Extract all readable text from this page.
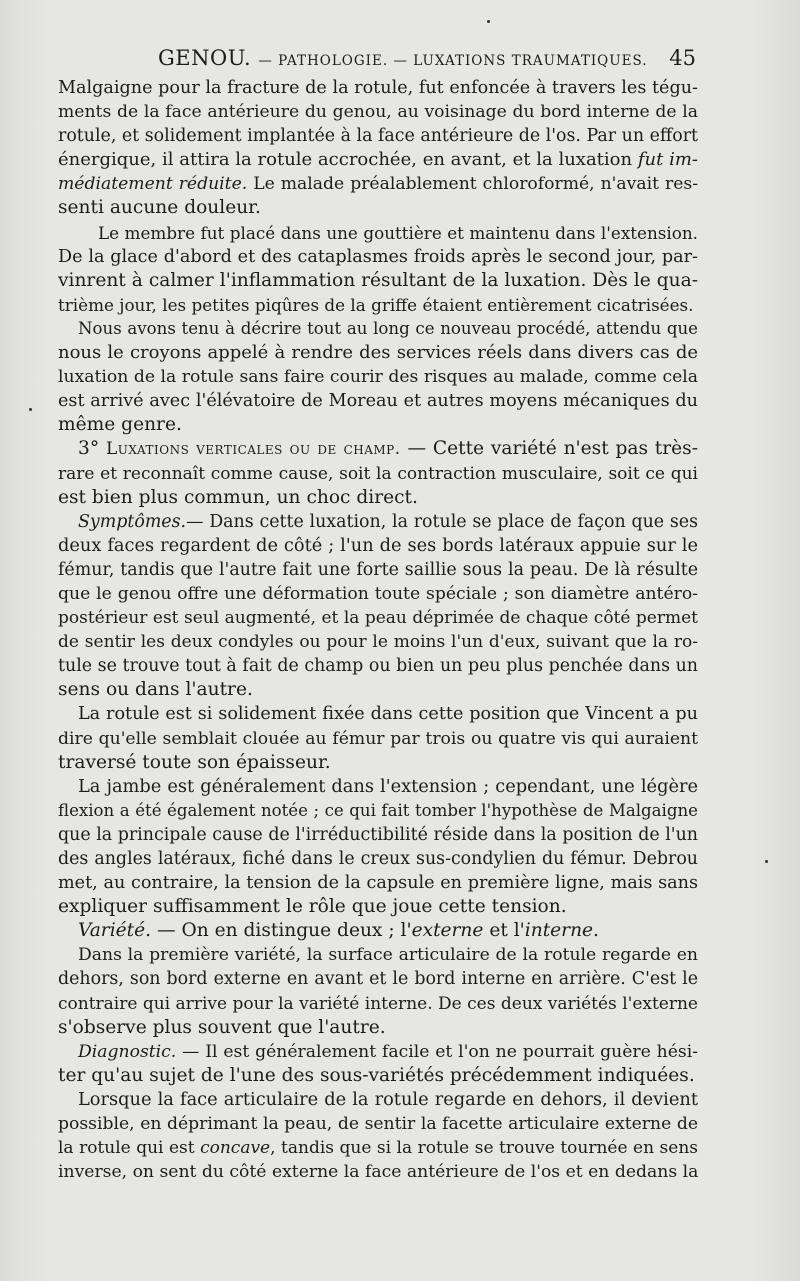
GENOU. — PATHOLOGIE. — LUXATIONS TRAUMATIQUES. 45

Malgaigne pour la fracture de la rotule, fut enfoncée à travers les tégu-
ments de la face antérieure du genou, au voisinage du bord interne de la
rotule, et solidement implantée à la face antérieure de l'os. Par un effort
énergique, il attira la rotule accrochée, en avant, et la luxation fut im-
médiatement réduite. Le malade préalablement chloroformé, n'avait res-
senti aucune douleur.

Le membre fut placé dans une gouttière et maintenu dans l'extension.
De la glace d'abord et des cataplasmes froids après le second jour, par-
vinrent à calmer l'inflammation résultant de la luxation. Dès le qua-
trième jour, les petites piqûres de la griffe étaient entièrement cicatrisées.

Nous avons tenu à décrire tout au long ce nouveau procédé, attendu que
nous le croyons appelé à rendre des services réels dans divers cas de
luxation de la rotule sans faire courir des risques au malade, comme cela
est arrivé avec l'élévatoire de Moreau et autres moyens mécaniques du
même genre.

3° Luxations verticales ou de champ. — Cette variété n'est pas très-
rare et reconnaît comme cause, soit la contraction musculaire, soit ce qui
est bien plus commun, un choc direct.

Symptômes.— Dans cette luxation, la rotule se place de façon que ses
deux faces regardent de côté ; l'un de ses bords latéraux appuie sur le
fémur, tandis que l'autre fait une forte saillie sous la peau. De là résulte
que le genou offre une déformation toute spéciale ; son diamètre antéro-
postérieur est seul augmenté, et la peau déprimée de chaque côté permet
de sentir les deux condyles ou pour le moins l'un d'eux, suivant que la ro-
tule se trouve tout à fait de champ ou bien un peu plus penchée dans un
sens ou dans l'autre.

La rotule est si solidement fixée dans cette position que Vincent a pu
dire qu'elle semblait clouée au fémur par trois ou quatre vis qui auraient
traversé toute son épaisseur.

La jambe est généralement dans l'extension ; cependant, une légère
flexion a été également notée ; ce qui fait tomber l'hypothèse de Malgaigne
que la principale cause de l'irréductibilité réside dans la position de l'un
des angles latéraux, fiché dans le creux sus-condylien du fémur. Debrou
met, au contraire, la tension de la capsule en première ligne, mais sans
expliquer suffisamment le rôle que joue cette tension.

Variété. — On en distingue deux ; l'externe et l'interne.

Dans la première variété, la surface articulaire de la rotule regarde en
dehors, son bord externe en avant et le bord interne en arrière. C'est le
contraire qui arrive pour la variété interne. De ces deux variétés l'externe
s'observe plus souvent que l'autre.

Diagnostic. — Il est généralement facile et l'on ne pourrait guère hési-
ter qu'au sujet de l'une des sous-variétés précédemment indiquées.

Lorsque la face articulaire de la rotule regarde en dehors, il devient
possible, en déprimant la peau, de sentir la facette articulaire externe de
la rotule qui est concave, tandis que si la rotule se trouve tournée en sens
inverse, on sent du côté externe la face antérieure de l'os et en dedans la
